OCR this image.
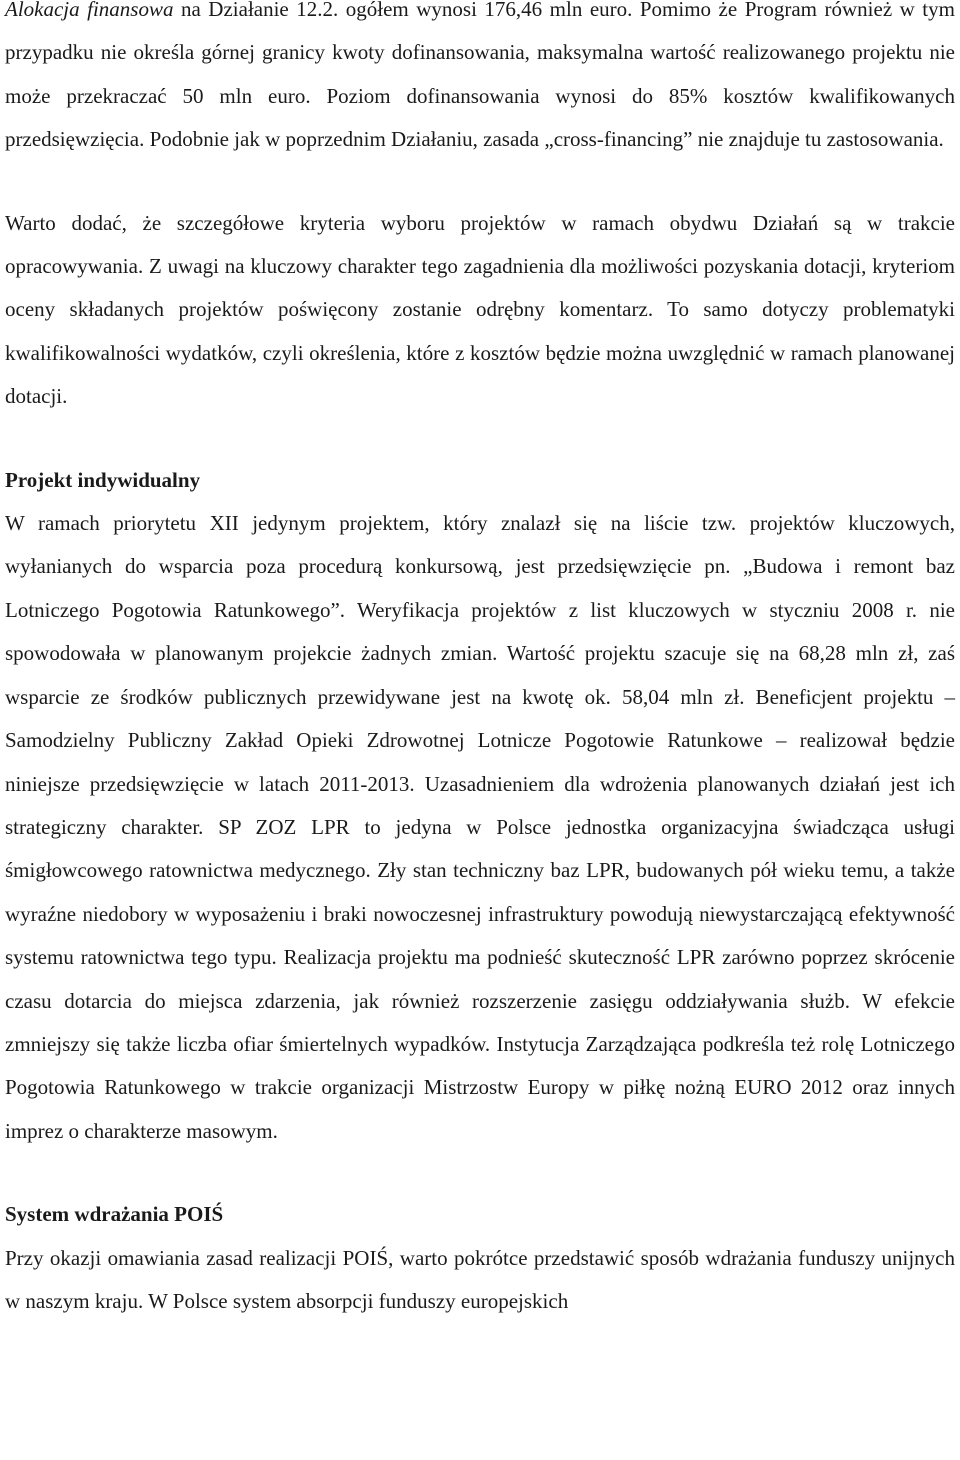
Alokacja finansowa na Działanie 12.2. ogółem wynosi 176,46 mln euro. Pomimo że Program również w tym przypadku nie określa górnej granicy kwoty dofinansowania, maksymalna wartość realizowanego projektu nie może przekraczać 50 mln euro. Poziom dofinansowania wynosi do 85% kosztów kwalifikowanych przedsięwzięcia. Podobnie jak w poprzednim Działaniu, zasada „cross-financing” nie znajduje tu zastosowania.

Warto dodać, że szczegółowe kryteria wyboru projektów w ramach obydwu Działań są w trakcie opracowywania. Z uwagi na kluczowy charakter tego zagadnienia dla możliwości pozyskania dotacji, kryteriom oceny składanych projektów poświęcony zostanie odrębny komentarz. To samo dotyczy problematyki kwalifikowalności wydatków, czyli określenia, które z kosztów będzie można uwzględnić w ramach planowanej dotacji.

Projekt indywidualny

W ramach priorytetu XII jedynym projektem, który znalazł się na liście tzw. projektów kluczowych, wyłanianych do wsparcia poza procedurą konkursową, jest przedsięwzięcie pn. „Budowa i remont baz Lotniczego Pogotowia Ratunkowego”. Weryfikacja projektów z list kluczowych w styczniu 2008 r. nie spowodowała w planowanym projekcie żadnych zmian. Wartość projektu szacuje się na 68,28 mln zł, zaś wsparcie ze środków publicznych przewidywane jest na kwotę ok. 58,04 mln zł. Beneficjent projektu – Samodzielny Publiczny Zakład Opieki Zdrowotnej Lotnicze Pogotowie Ratunkowe – realizował będzie niniejsze przedsięwzięcie w latach 2011-2013. Uzasadnieniem dla wdrożenia planowanych działań jest ich strategiczny charakter. SP ZOZ LPR to jedyna w Polsce jednostka organizacyjna świadcząca usługi śmigłowcowego ratownictwa medycznego. Zły stan techniczny baz LPR, budowanych pół wieku temu, a także wyraźne niedobory w wyposażeniu i braki nowoczesnej infrastruktury powodują niewystarczającą efektywność systemu ratownictwa tego typu. Realizacja projektu ma podnieść skuteczność LPR zarówno poprzez skrócenie czasu dotarcia do miejsca zdarzenia, jak również rozszerzenie zasięgu oddziaływania służb. W efekcie zmniejszy się także liczba ofiar śmiertelnych wypadków. Instytucja Zarządzająca podkreśla też rolę Lotniczego Pogotowia Ratunkowego w trakcie organizacji Mistrzostw Europy w piłkę nożną EURO 2012 oraz innych imprez o charakterze masowym.

System wdrażania POIŚ

Przy okazji omawiania zasad realizacji POIŚ, warto pokrótce przedstawić sposób wdrażania funduszy unijnych w naszym kraju. W Polsce system absorpcji funduszy europejskich
